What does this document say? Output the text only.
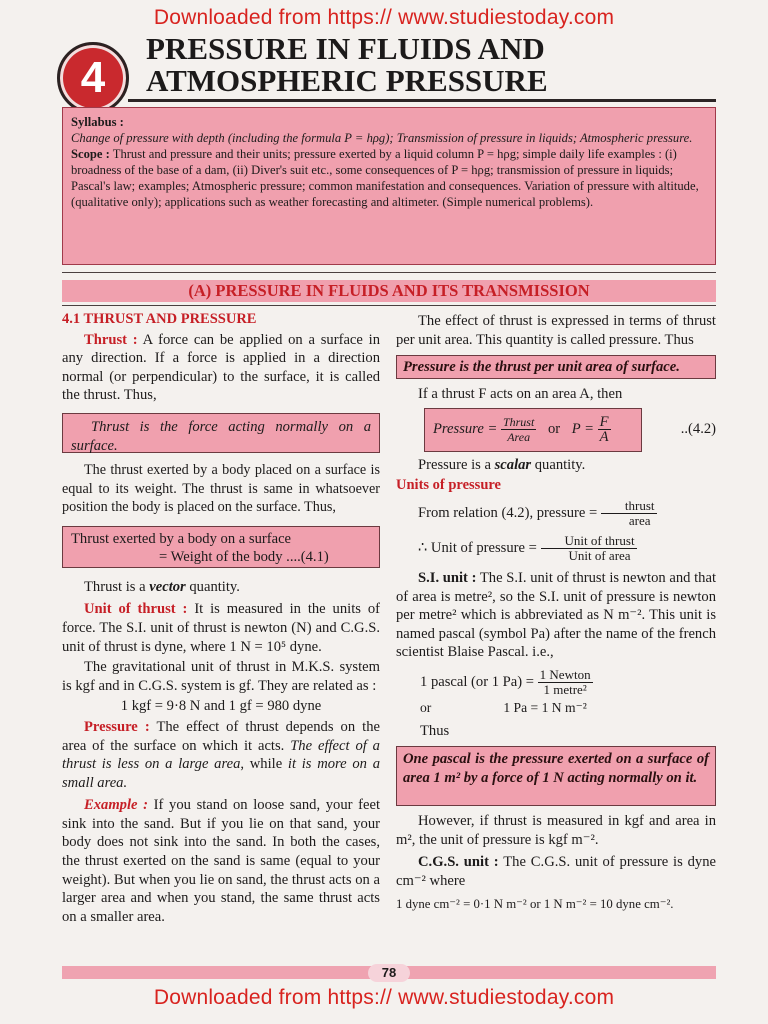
Downloaded from https:// www.studiestoday.com
Downloaded from https:// www.studiestoday.com
4
PRESSURE IN FLUIDS AND
ATMOSPHERIC PRESSURE

Syllabus :

Change of pressure with depth (including the formula P = hρg); Transmission of pressure in liquids; Atmospheric pressure.

Scope : Thrust and pressure and their units; pressure exerted by a liquid column P = hρg; simple daily life examples : (i) broadness of the base of a dam, (ii) Diver's suit etc., some consequences of P = hρg; transmission of pressure in liquids; Pascal's law; examples; Atmospheric pressure; common manifestation and consequences. Variation of pressure with altitude, (qualitative only); applications such as weather forecasting and altimeter. (Simple numerical problems).

(A) PRESSURE IN FLUIDS AND ITS TRANSMISSION
4.1 THRUST AND PRESSURE

Thrust : A force can be applied on a surface in any direction. If a force is applied in a direction normal (or perpendicular) to the surface, it is called the thrust. Thus,

Thrust is the force acting normally on a surface.

The thrust exerted by a body placed on a surface is equal to its weight. The thrust is same in whatsoever position the body is placed on the surface. Thus,

Thrust exerted by a body on a surface
= Weight of the body ....(4.1)

Thrust is a vector quantity.

Unit of thrust : It is measured in the units of force. The S.I. unit of thrust is newton (N) and C.G.S. unit of thrust is dyne, where 1 N = 10⁵ dyne.

The gravitational unit of thrust in M.K.S. system is kgf and in C.G.S. system is gf. They are related as :

1 kgf = 9·8 N and 1 gf = 980 dyne

Pressure : The effect of thrust depends on the area of the surface on which it acts. The effect of a thrust is less on a large area, while it is more on a small area.

Example : If you stand on loose sand, your feet sink into the sand. But if you lie on that sand, your body does not sink into the sand. In both the cases, the thrust exerted on the sand is same (equal to your weight). But when you lie on sand, the thrust acts on a larger area and when you stand, the same thrust acts on a smaller area.

The effect of thrust is expressed in terms of thrust per unit area. This quantity is called pressure. Thus

Pressure is the thrust per unit area of surface.

If a thrust F acts on an area A, then

Pressure = $\frac{\text{Thrust}}{\text{Area}}$ or $P = \frac{F}{A}$	..(4.2)

Pressure is a scalar quantity.

Units of pressure

From relation (4.2), pressure = $\frac{\text{thrust}}{\text{area}}$

∴ Unit of pressure = $\frac{\text{Unit of thrust}}{\text{Unit of area}}$

S.I. unit : The S.I. unit of thrust is newton and that of area is metre², so the S.I. unit of pressure is newton per metre² which is abbreviated as N m⁻². This unit is named pascal (symbol Pa) after the name of the french scientist Blaise Pascal. i.e.,

1 pascal (or 1 $Pa) = \frac{\text{1 Newton}}{\text{1 metre²}}$

or	1 Pa = 1 N m⁻²

Thus

One pascal is the pressure exerted on a surface of area 1 m² by a force of 1 N acting normally on it.

However, if thrust is measured in kgf and area in m², the unit of pressure is kgf m⁻².

C.G.S. unit : The C.G.S. unit of pressure is dyne cm⁻² where

1 dyne cm⁻² = 0·1 N m⁻² or 1 N m⁻² = 10 dyne cm⁻².

78
